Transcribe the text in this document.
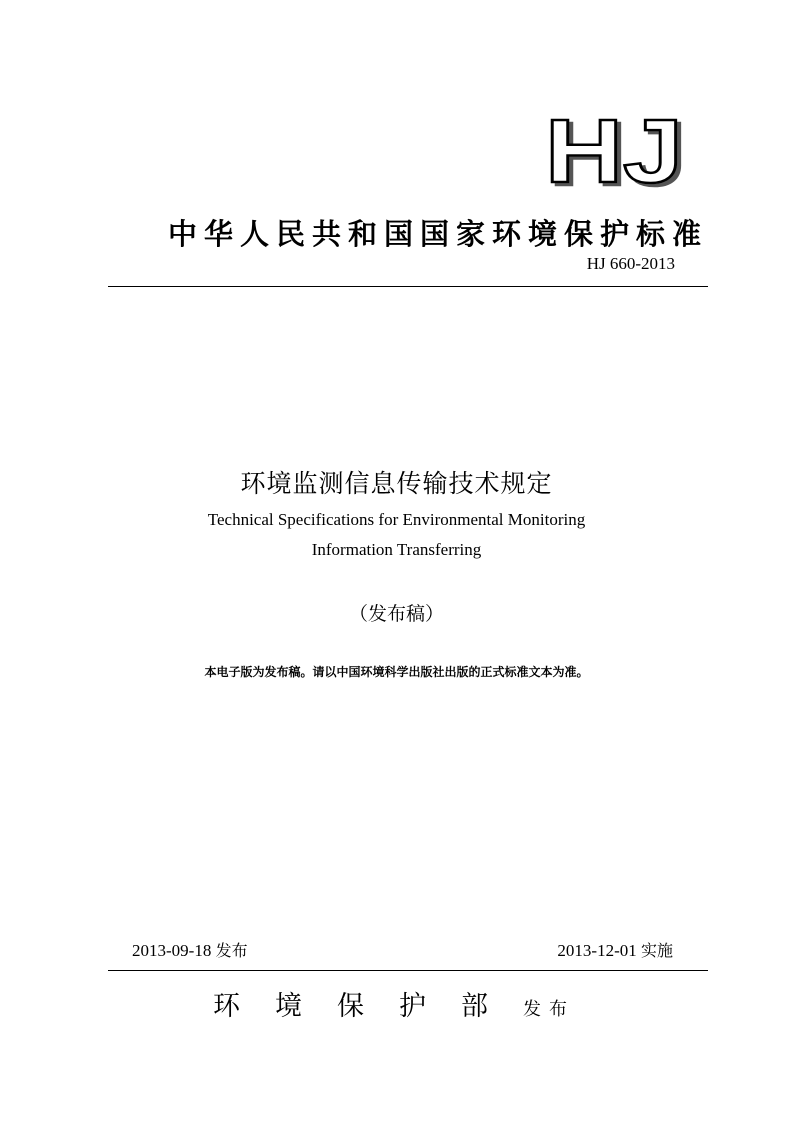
HJ
中华人民共和国国家环境保护标准
HJ 660-2013
环境监测信息传输技术规定
Technical Specifications for Environmental Monitoring
Information Transferring
（发布稿）
本电子版为发布稿。请以中国环境科学出版社出版的正式标准文本为准。
2013-09-18 发布	2013-12-01 实施
环境保护部发布
